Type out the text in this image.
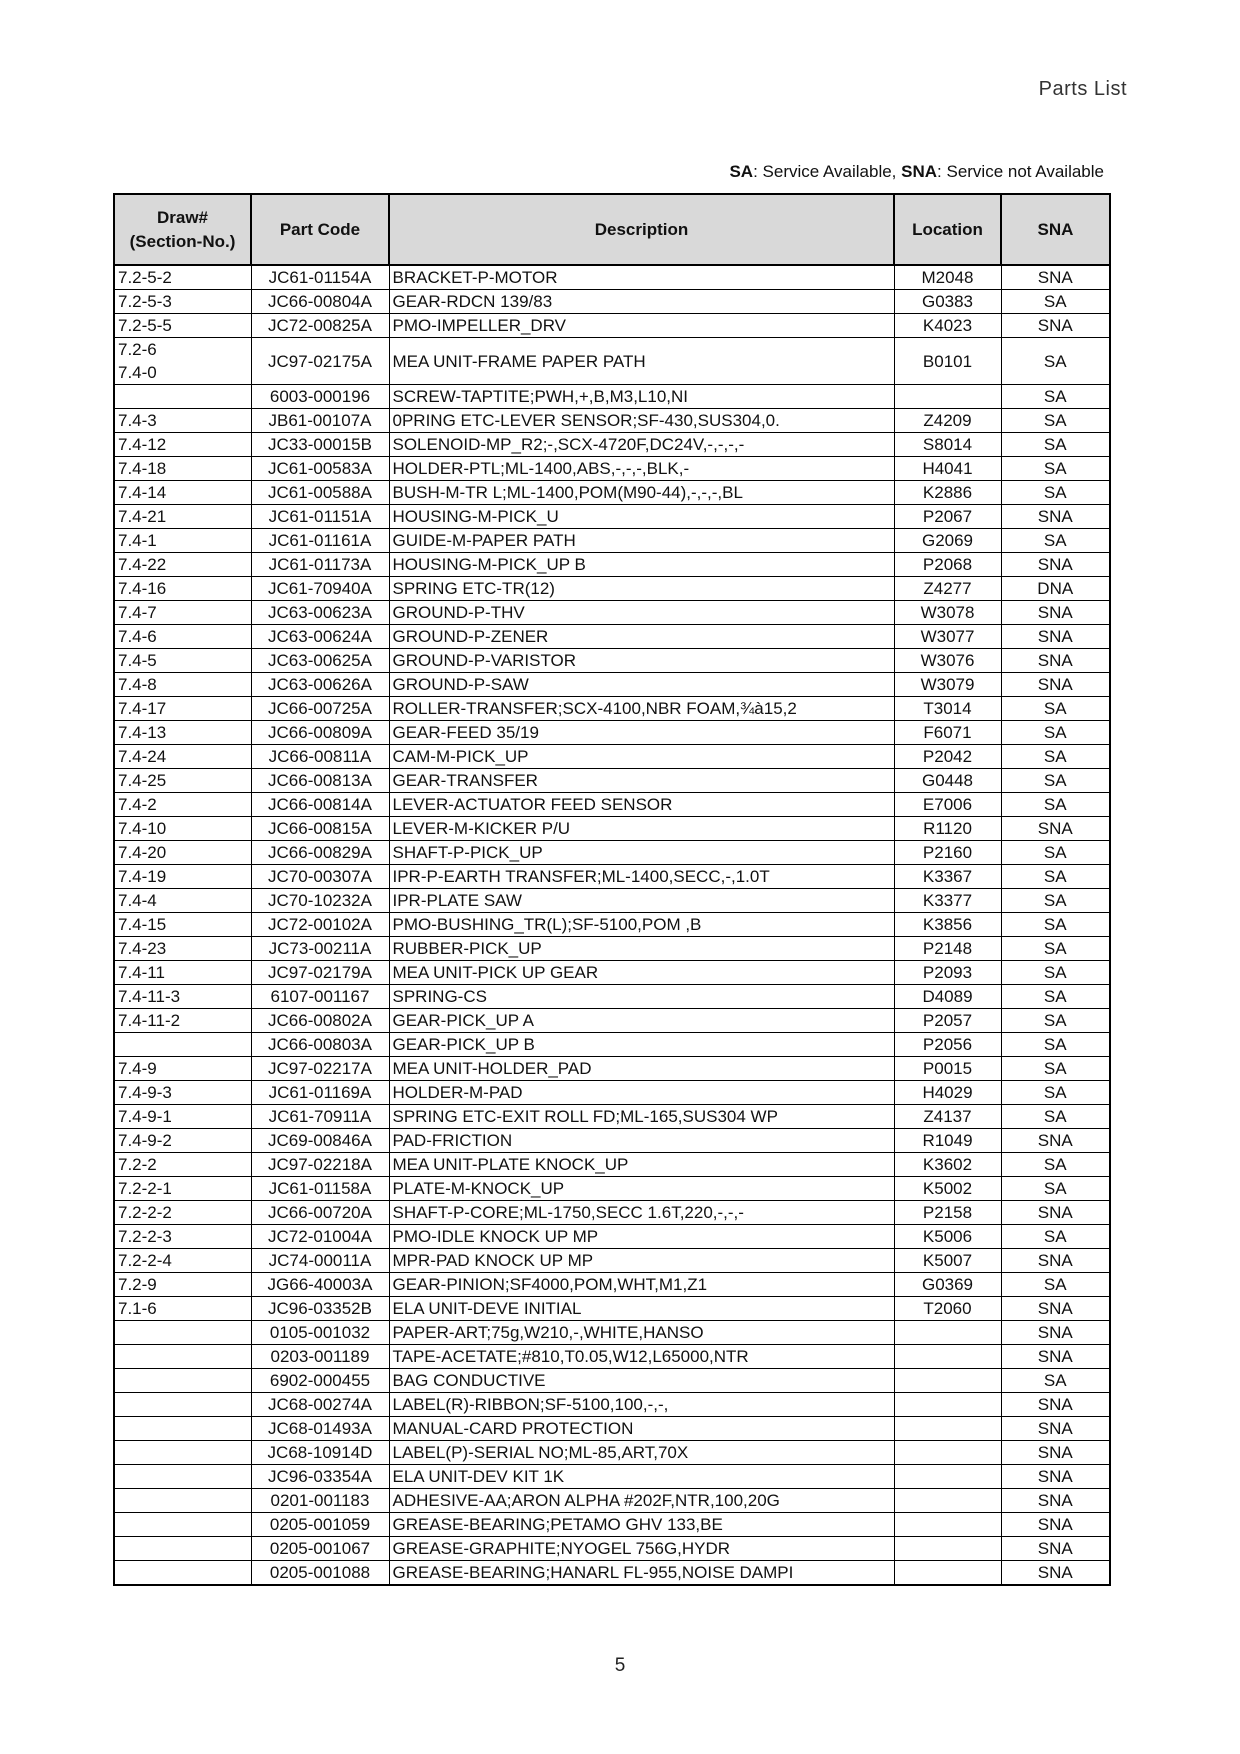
Parts List
SA: Service Available, SNA: Service not Available
Draw#
(Section-No.)	Part Code	Description	Location	SNA
7.2-5-2	JC61-01154A	BRACKET-P-MOTOR	M2048	SNA
7.2-5-3	JC66-00804A	GEAR-RDCN 139/83	G0383	SA
7.2-5-5	JC72-00825A	PMO-IMPELLER_DRV	K4023	SNA

7.2-6
7.4-0	JC97-02175A	MEA UNIT-FRAME PAPER PATH	B0101	SA
	6003-000196	SCREW-TAPTITE;PWH,+,B,M3,L10,NI		SA
7.4-3	JB61-00107A	0PRING ETC-LEVER SENSOR;SF-430,SUS304,0.	Z4209	SA
7.4-12	JC33-00015B	SOLENOID-MP_R2;-,SCX-4720F,DC24V,-,-,-,-	S8014	SA
7.4-18	JC61-00583A	HOLDER-PTL;ML-1400,ABS,-,-,-,BLK,-	H4041	SA
7.4-14	JC61-00588A	BUSH-M-TR L;ML-1400,POM(M90-44),-,-,-,BL	K2886	SA
7.4-21	JC61-01151A	HOUSING-M-PICK_U	P2067	SNA
7.4-1	JC61-01161A	GUIDE-M-PAPER PATH	G2069	SA
7.4-22	JC61-01173A	HOUSING-M-PICK_UP B	P2068	SNA
7.4-16	JC61-70940A	SPRING ETC-TR(12)	Z4277	DNA
7.4-7	JC63-00623A	GROUND-P-THV	W3078	SNA
7.4-6	JC63-00624A	GROUND-P-ZENER	W3077	SNA
7.4-5	JC63-00625A	GROUND-P-VARISTOR	W3076	SNA
7.4-8	JC63-00626A	GROUND-P-SAW	W3079	SNA
7.4-17	JC66-00725A	ROLLER-TRANSFER;SCX-4100,NBR FOAM,¾à15,2	T3014	SA
7.4-13	JC66-00809A	GEAR-FEED 35/19	F6071	SA
7.4-24	JC66-00811A	CAM-M-PICK_UP	P2042	SA
7.4-25	JC66-00813A	GEAR-TRANSFER	G0448	SA
7.4-2	JC66-00814A	LEVER-ACTUATOR FEED SENSOR	E7006	SA
7.4-10	JC66-00815A	LEVER-M-KICKER P/U	R1120	SNA
7.4-20	JC66-00829A	SHAFT-P-PICK_UP	P2160	SA
7.4-19	JC70-00307A	IPR-P-EARTH TRANSFER;ML-1400,SECC,-,1.0T	K3367	SA
7.4-4	JC70-10232A	IPR-PLATE SAW	K3377	SA
7.4-15	JC72-00102A	PMO-BUSHING_TR(L);SF-5100,POM ,B	K3856	SA
7.4-23	JC73-00211A	RUBBER-PICK_UP	P2148	SA
7.4-11	JC97-02179A	MEA UNIT-PICK UP GEAR	P2093	SA
7.4-11-3	6107-001167	SPRING-CS	D4089	SA
7.4-11-2	JC66-00802A	GEAR-PICK_UP A	P2057	SA
	JC66-00803A	GEAR-PICK_UP B	P2056	SA
7.4-9	JC97-02217A	MEA UNIT-HOLDER_PAD	P0015	SA
7.4-9-3	JC61-01169A	HOLDER-M-PAD	H4029	SA
7.4-9-1	JC61-70911A	SPRING ETC-EXIT ROLL FD;ML-165,SUS304 WP	Z4137	SA
7.4-9-2	JC69-00846A	PAD-FRICTION	R1049	SNA
7.2-2	JC97-02218A	MEA UNIT-PLATE KNOCK_UP	K3602	SA
7.2-2-1	JC61-01158A	PLATE-M-KNOCK_UP	K5002	SA
7.2-2-2	JC66-00720A	SHAFT-P-CORE;ML-1750,SECC 1.6T,220,-,-,-	P2158	SNA
7.2-2-3	JC72-01004A	PMO-IDLE KNOCK UP MP	K5006	SA
7.2-2-4	JC74-00011A	MPR-PAD KNOCK UP MP	K5007	SNA
7.2-9	JG66-40003A	GEAR-PINION;SF4000,POM,WHT,M1,Z1	G0369	SA
7.1-6	JC96-03352B	ELA UNIT-DEVE INITIAL	T2060	SNA
	0105-001032	PAPER-ART;75g,W210,-,WHITE,HANSO		SNA
	0203-001189	TAPE-ACETATE;#810,T0.05,W12,L65000,NTR		SNA
	6902-000455	BAG CONDUCTIVE		SA
	JC68-00274A	LABEL(R)-RIBBON;SF-5100,100,-,-,		SNA
	JC68-01493A	MANUAL-CARD PROTECTION		SNA
	JC68-10914D	LABEL(P)-SERIAL NO;ML-85,ART,70X		SNA
	JC96-03354A	ELA UNIT-DEV KIT 1K		SNA
	0201-001183	ADHESIVE-AA;ARON ALPHA #202F,NTR,100,20G		SNA
	0205-001059	GREASE-BEARING;PETAMO GHV 133,BE		SNA
	0205-001067	GREASE-GRAPHITE;NYOGEL 756G,HYDR		SNA
	0205-001088	GREASE-BEARING;HANARL FL-955,NOISE DAMPI		SNA
5
